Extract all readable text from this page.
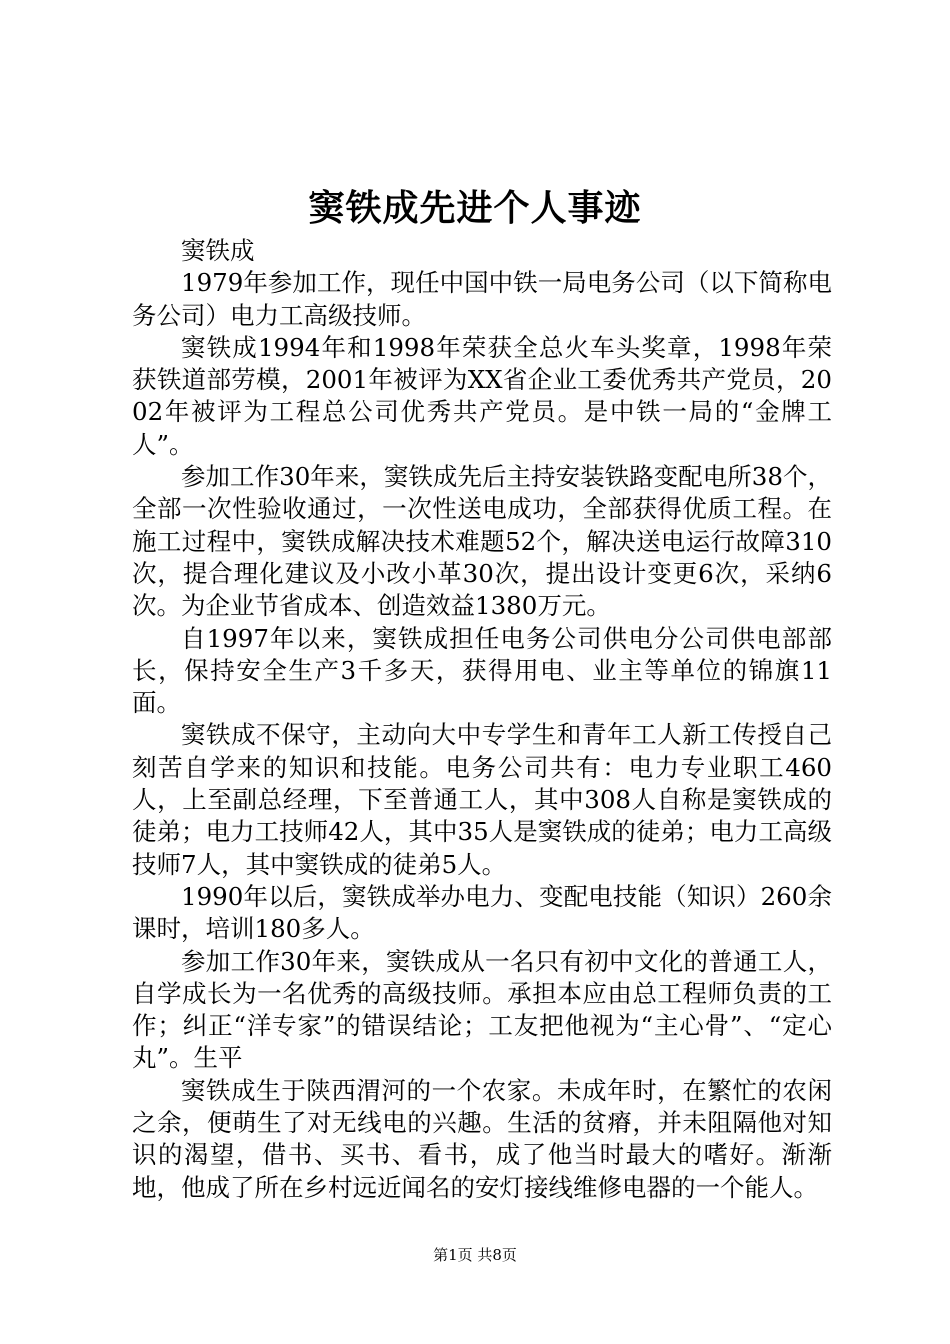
窦铁成先进个人事迹

窦铁成

1979年参加工作，现任中国中铁一局电务公司（以下简称电务公司）电力工高级技师。

窦铁成1994年和1998年荣获全总火车头奖章，1998年荣获铁道部劳模，2001年被评为XX省企业工委优秀共产党员，2002年被评为工程总公司优秀共产党员。是中铁一局的“金牌工人”。

参加工作30年来，窦铁成先后主持安装铁路变配电所38个，全部一次性验收通过，一次性送电成功，全部获得优质工程。在施工过程中，窦铁成解决技术难题52个，解决送电运行故障310次，提合理化建议及小改小革30次，提出设计变更6次，采纳6次。为企业节省成本、创造效益1380万元。

自1997年以来，窦铁成担任电务公司供电分公司供电部部长，保持安全生产3千多天，获得用电、业主等单位的锦旗11面。

窦铁成不保守，主动向大中专学生和青年工人新工传授自己刻苦自学来的知识和技能。电务公司共有：电力专业职工460人，上至副总经理，下至普通工人，其中308人自称是窦铁成的徒弟；电力工技师42人，其中35人是窦铁成的徒弟；电力工高级技师7人，其中窦铁成的徒弟5人。

1990年以后，窦铁成举办电力、变配电技能（知识）260余课时，培训180多人。

参加工作30年来，窦铁成从一名只有初中文化的普通工人，自学成长为一名优秀的高级技师。承担本应由总工程师负责的工作；纠正“洋专家”的错误结论；工友把他视为“主心骨”、“定心丸”。生平

窦铁成生于陕西渭河的一个农家。未成年时，在繁忙的农闲之余，便萌生了对无线电的兴趣。生活的贫瘠，并未阻隔他对知识的渴望，借书、买书、看书，成了他当时最大的嗜好。渐渐地，他成了所在乡村远近闻名的安灯接线维修电器的一个能人。

第1页 共8页
